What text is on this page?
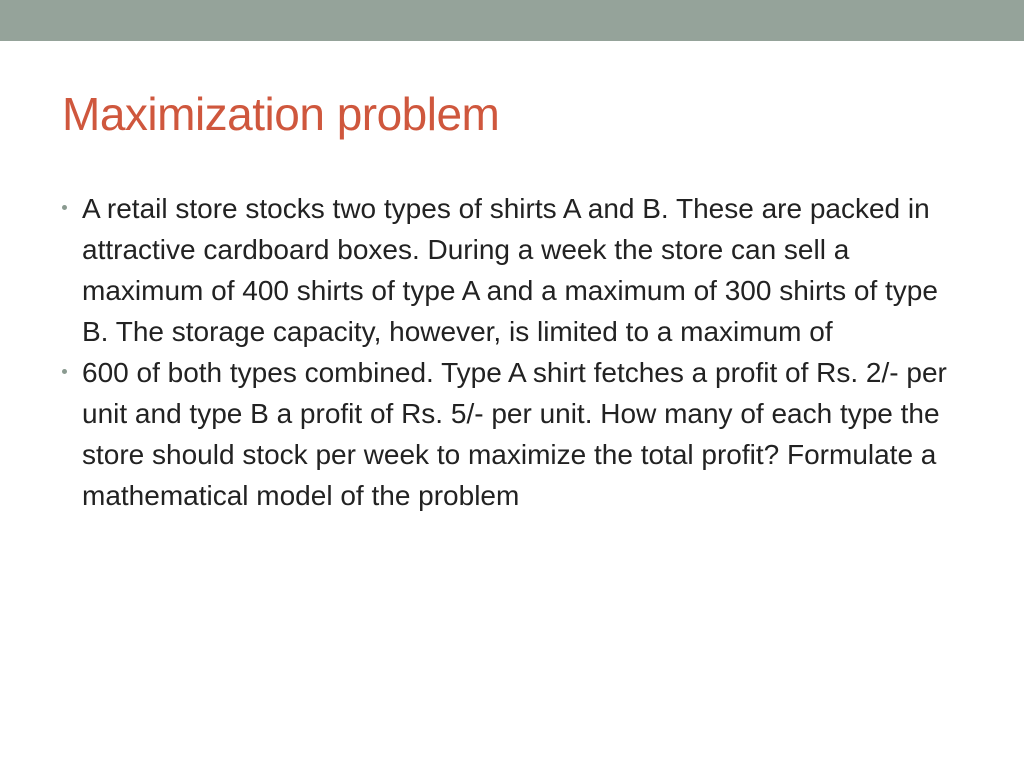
Maximization problem
A retail store stocks two types of shirts A and B. These are packed in attractive cardboard boxes. During a week the store can sell a maximum of 400 shirts of type A and a maximum of 300 shirts of type B. The storage capacity, however, is limited to a maximum of
600 of both types combined. Type A shirt fetches a profit of Rs. 2/- per unit and type B a profit of Rs. 5/- per unit. How many of each type the store should stock per week to maximize the total profit? Formulate a mathematical model of the problem
